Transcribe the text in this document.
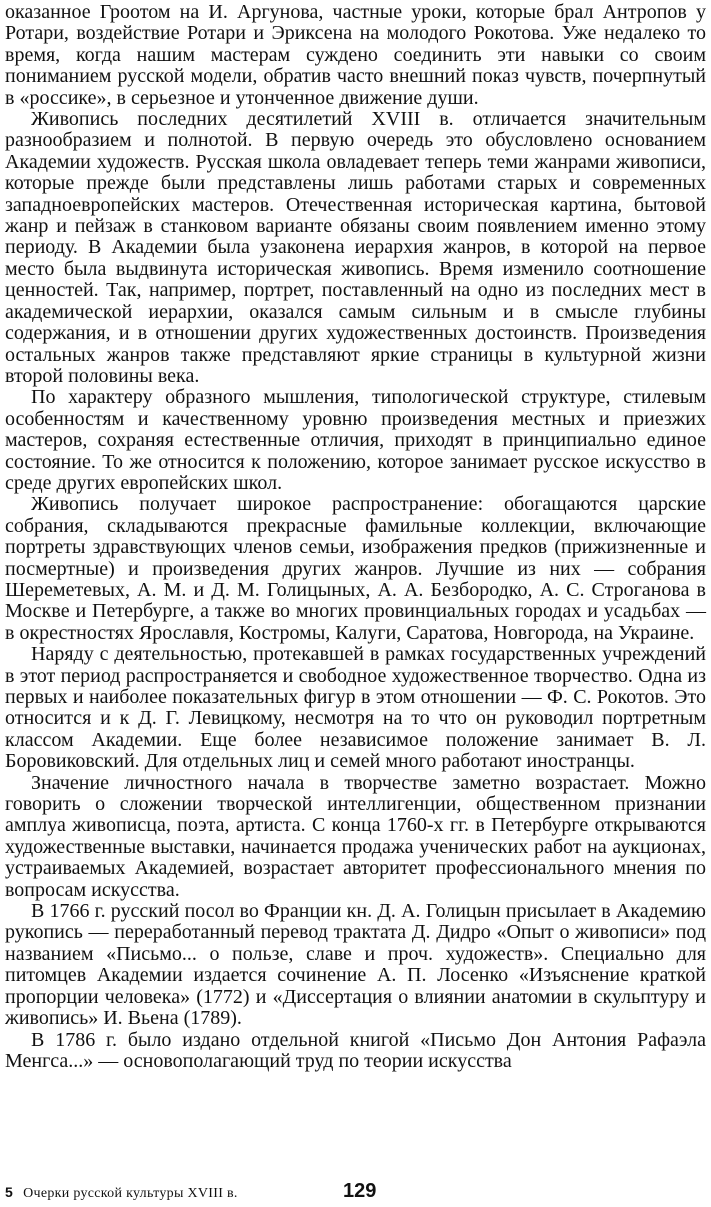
оказанное Гроотом на И. Аргунова, частные уроки, которые брал Антропов у Ротари, воздействие Ротари и Эриксена на молодого Рокотова. Уже недалеко то время, когда нашим мастерам суждено соединить эти навыки со своим пониманием русской модели, обратив часто внешний показ чувств, почерпнутый в «россике», в серьезное и утонченное движение души.

Живопись последних десятилетий XVIII в. отличается значительным разнообразием и полнотой. В первую очередь это обусловлено основанием Академии художеств. Русская школа овладевает теперь теми жанрами живописи, которые прежде были представлены лишь работами старых и современных западноевропейских мастеров. Отечественная историческая картина, бытовой жанр и пейзаж в станковом варианте обязаны своим появлением именно этому периоду. В Академии была узаконена иерархия жанров, в которой на первое место была выдвинута историческая живопись. Время изменило соотношение ценностей. Так, например, портрет, поставленный на одно из последних мест в академической иерархии, оказался самым сильным и в смысле глубины содержания, и в отношении других художественных достоинств. Произведения остальных жанров также представляют яркие страницы в культурной жизни второй половины века.

По характеру образного мышления, типологической структуре, стилевым особенностям и качественному уровню произведения местных и приезжих мастеров, сохраняя естественные отличия, приходят в принципиально единое состояние. То же относится к положению, которое занимает русское искусство в среде других европейских школ.

Живопись получает широкое распространение: обогащаются царские собрания, складываются прекрасные фамильные коллекции, включающие портреты здравствующих членов семьи, изображения предков (прижизненные и посмертные) и произведения других жанров. Лучшие из них — собрания Шереметевых, А. М. и Д. М. Голицыных, А. А. Безбородко, А. С. Строганова в Москве и Петербурге, а также во многих провинциальных городах и усадьбах — в окрестностях Ярославля, Костромы, Калуги, Саратова, Новгорода, на Украине.

Наряду с деятельностью, протекавшей в рамках государственных учреждений в этот период распространяется и свободное художественное творчество. Одна из первых и наиболее показательных фигур в этом отношении — Ф. С. Рокотов. Это относится и к Д. Г. Левицкому, несмотря на то что он руководил портретным классом Академии. Еще более независимое положение занимает В. Л. Боровиковский. Для отдельных лиц и семей много работают иностранцы.

Значение личностного начала в творчестве заметно возрастает. Можно говорить о сложении творческой интеллигенции, общественном признании амплуа живописца, поэта, артиста. С конца 1760-х гг. в Петербурге открываются художественные выставки, начинается продажа ученических работ на аукционах, устраиваемых Академией, возрастает авторитет профессионального мнения по вопросам искусства.

В 1766 г. русский посол во Франции кн. Д. А. Голицын присылает в Академию рукопись — переработанный перевод трактата Д. Дидро «Опыт о живописи» под названием «Письмо... о пользе, славе и проч. художеств». Специально для питомцев Академии издается сочинение А. П. Лосенко «Изъяснение краткой пропорции человека» (1772) и «Диссертация о влиянии анатомии в скульптуру и живопись» И. Вьена (1789).

В 1786 г. было издано отдельной книгой «Письмо Дон Антония Рафаэла Менгса...» — основополагающий труд по теории искусства

5 Очерки русской культуры XVIII в.	129
